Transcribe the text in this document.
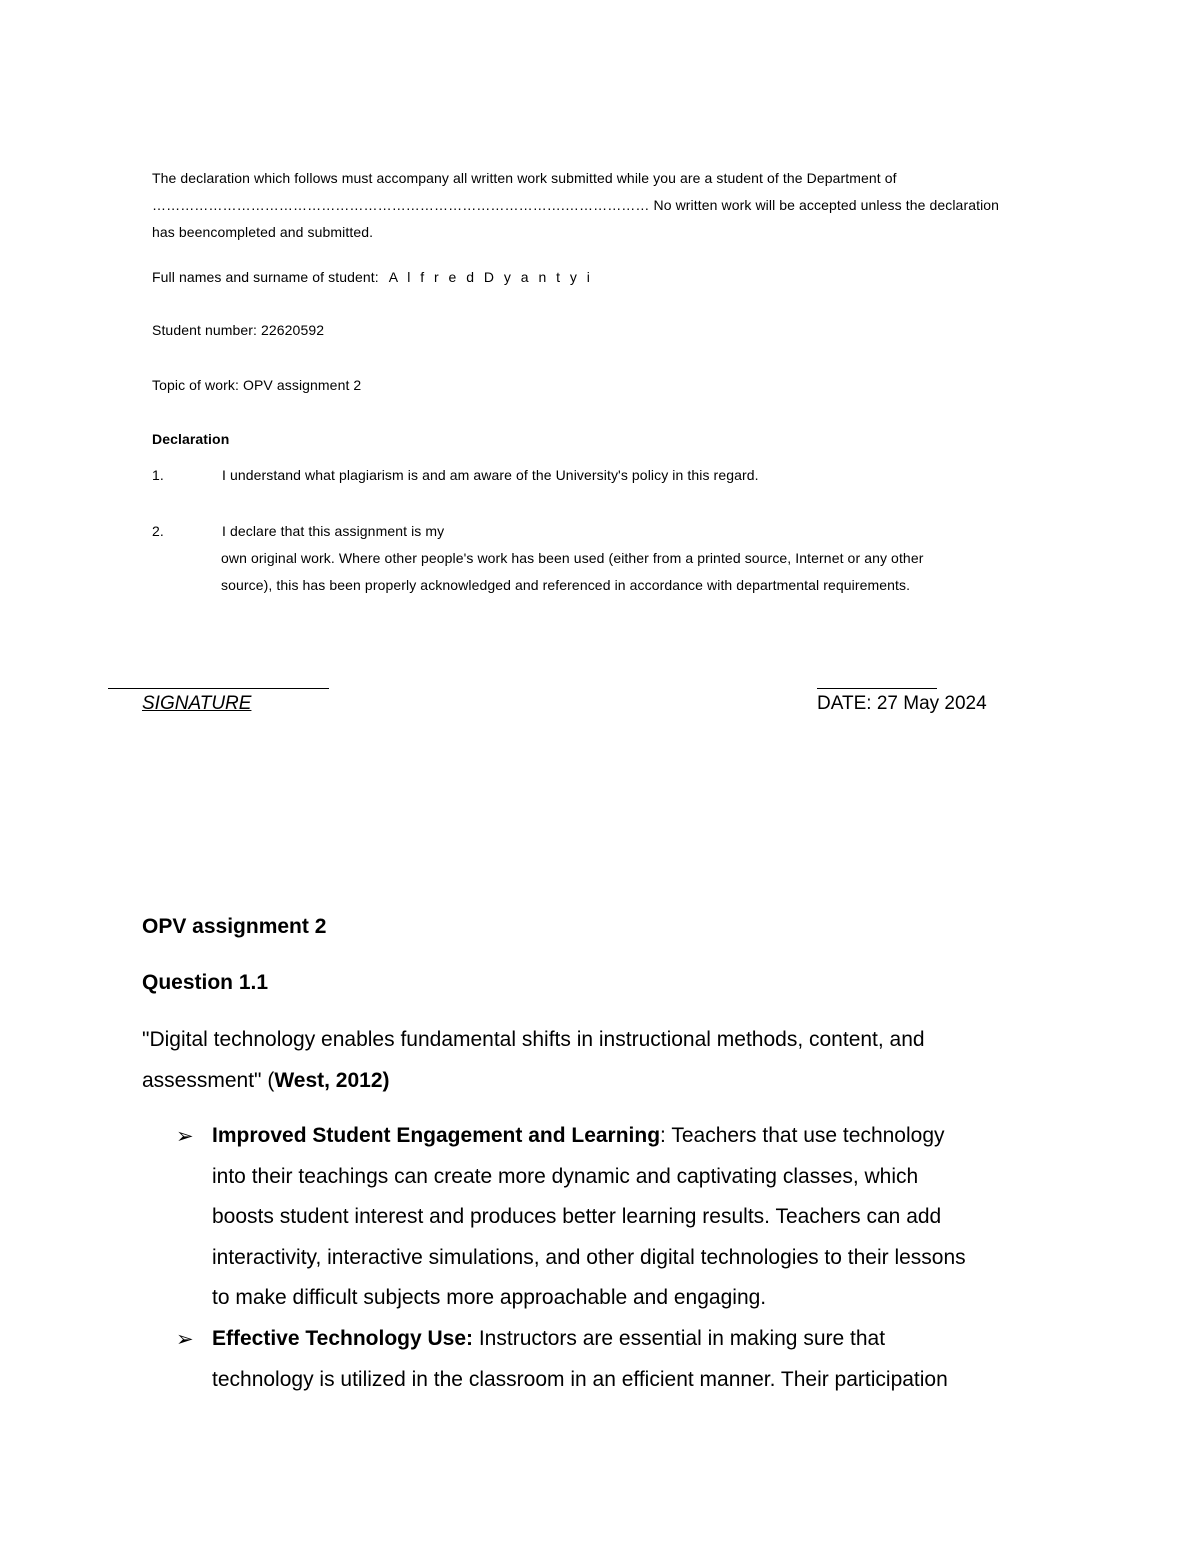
The declaration which follows must accompany all written work submitted while you are a student of the Department of
…………………………………………………………………………….……………… No written work will be accepted unless the declaration
has beencompleted and submitted.
Full names and surname of student: A l f r e d D y a n t y i
Student number: 22620592
Topic of work: OPV assignment 2
Declaration
1.	I understand what plagiarism is and am aware of the University's policy in this regard.
2.	I declare that this assignment is my
own original work. Where other people's work has been used (either from a printed source, Internet or any other
source), this has been properly acknowledged and referenced in accordance with departmental requirements.
SIGNATURE	DATE: 27 May 2024
OPV assignment 2
Question 1.1
"Digital technology enables fundamental shifts in instructional methods, content, and
assessment" (West, 2012)
➢ Improved Student Engagement and Learning: Teachers that use technology
into their teachings can create more dynamic and captivating classes, which
boosts student interest and produces better learning results. Teachers can add
interactivity, interactive simulations, and other digital technologies to their lessons
to make difficult subjects more approachable and engaging.
➢ Effective Technology Use: Instructors are essential in making sure that
technology is utilized in the classroom in an efficient manner. Their participation
